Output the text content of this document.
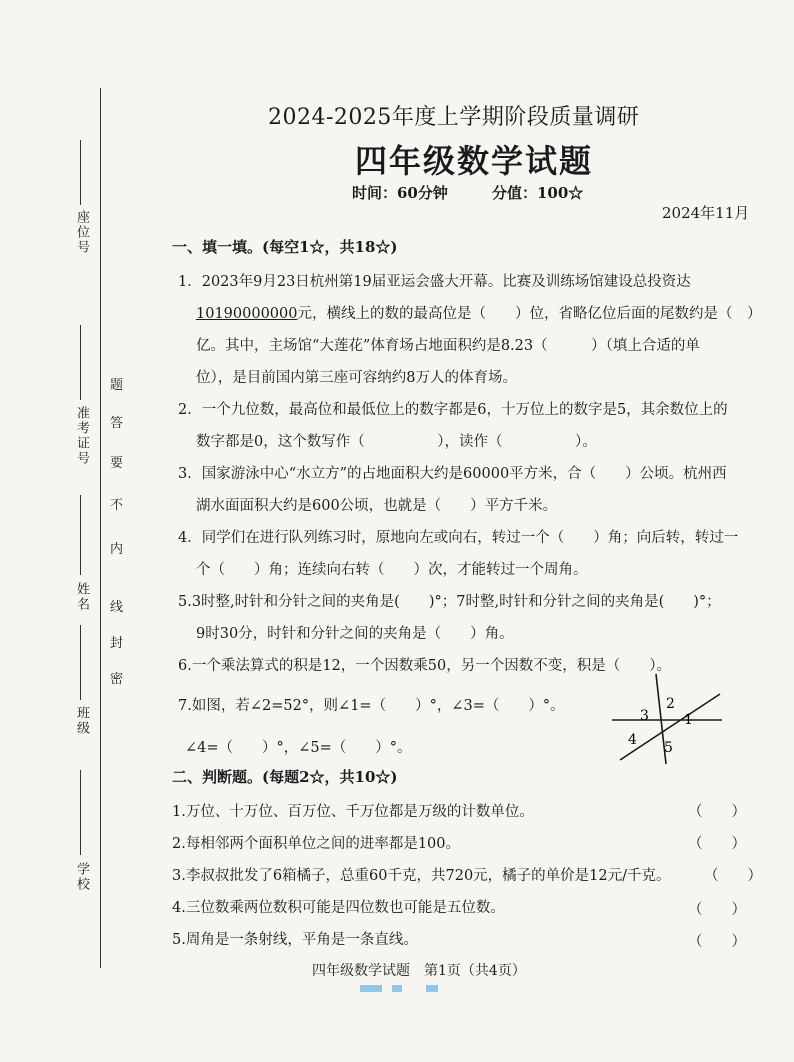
座位号
准考证号
姓名
班级
学校
密
封
线
内
不
要
答
题
2024-2025年度上学期阶段质量调研
四年级数学试题
时间：60分钟	分值：100☆
2024年11月
一、填一填。(每空1☆，共18☆)
1．2023年9月23日杭州第19届亚运会盛大开幕。比赛及训练场馆建设总投资达
10190000000元，横线上的数的最高位是（　　）位，省略亿位后面的尾数约是（　）
亿。其中，主场馆“大莲花”体育场占地面积约是8.23（　　　）（填上合适的单
位），是目前国内第三座可容纳约8万人的体育场。
2．一个九位数，最高位和最低位上的数字都是6，十万位上的数字是5，其余数位上的
数字都是0，这个数写作（　　　　　），读作（　　　　　）。
3．国家游泳中心“水立方”的占地面积大约是60000平方米，合（　　）公顷。杭州西
湖水面面积大约是600公顷，也就是（　　）平方千米。
4．同学们在进行队列练习时，原地向左或向右，转过一个（　　）角；向后转，转过一
个（　　）角；连续向右转（　　）次，才能转过一个周角。
5.3时整,时针和分针之间的夹角是(　　)°；7时整,时针和分针之间的夹角是(　　)°；
9时30分，时针和分针之间的夹角是（　　）角。
6.一个乘法算式的积是12，一个因数乘50，另一个因数不变，积是（　　）。
7.如图，若∠2=52°，则∠1=（　　）°，∠3=（　　）°。
∠4=（　　）°，∠5=（　　）°。
2
3	1
4 5
二、判断题。(每题2☆，共10☆)
1.万位、十万位、百万位、千万位都是万级的计数单位。	（　　）
2.每相邻两个面积单位之间的进率都是100。	（　　）
3.李叔叔批发了6箱橘子，总重60千克，共720元，橘子的单价是12元/千克。 （　　）
4.三位数乘两位数积可能是四位数也可能是五位数。	（　　）
5.周角是一条射线，平角是一条直线。	（　　）
四年级数学试题　第1页（共4页）
